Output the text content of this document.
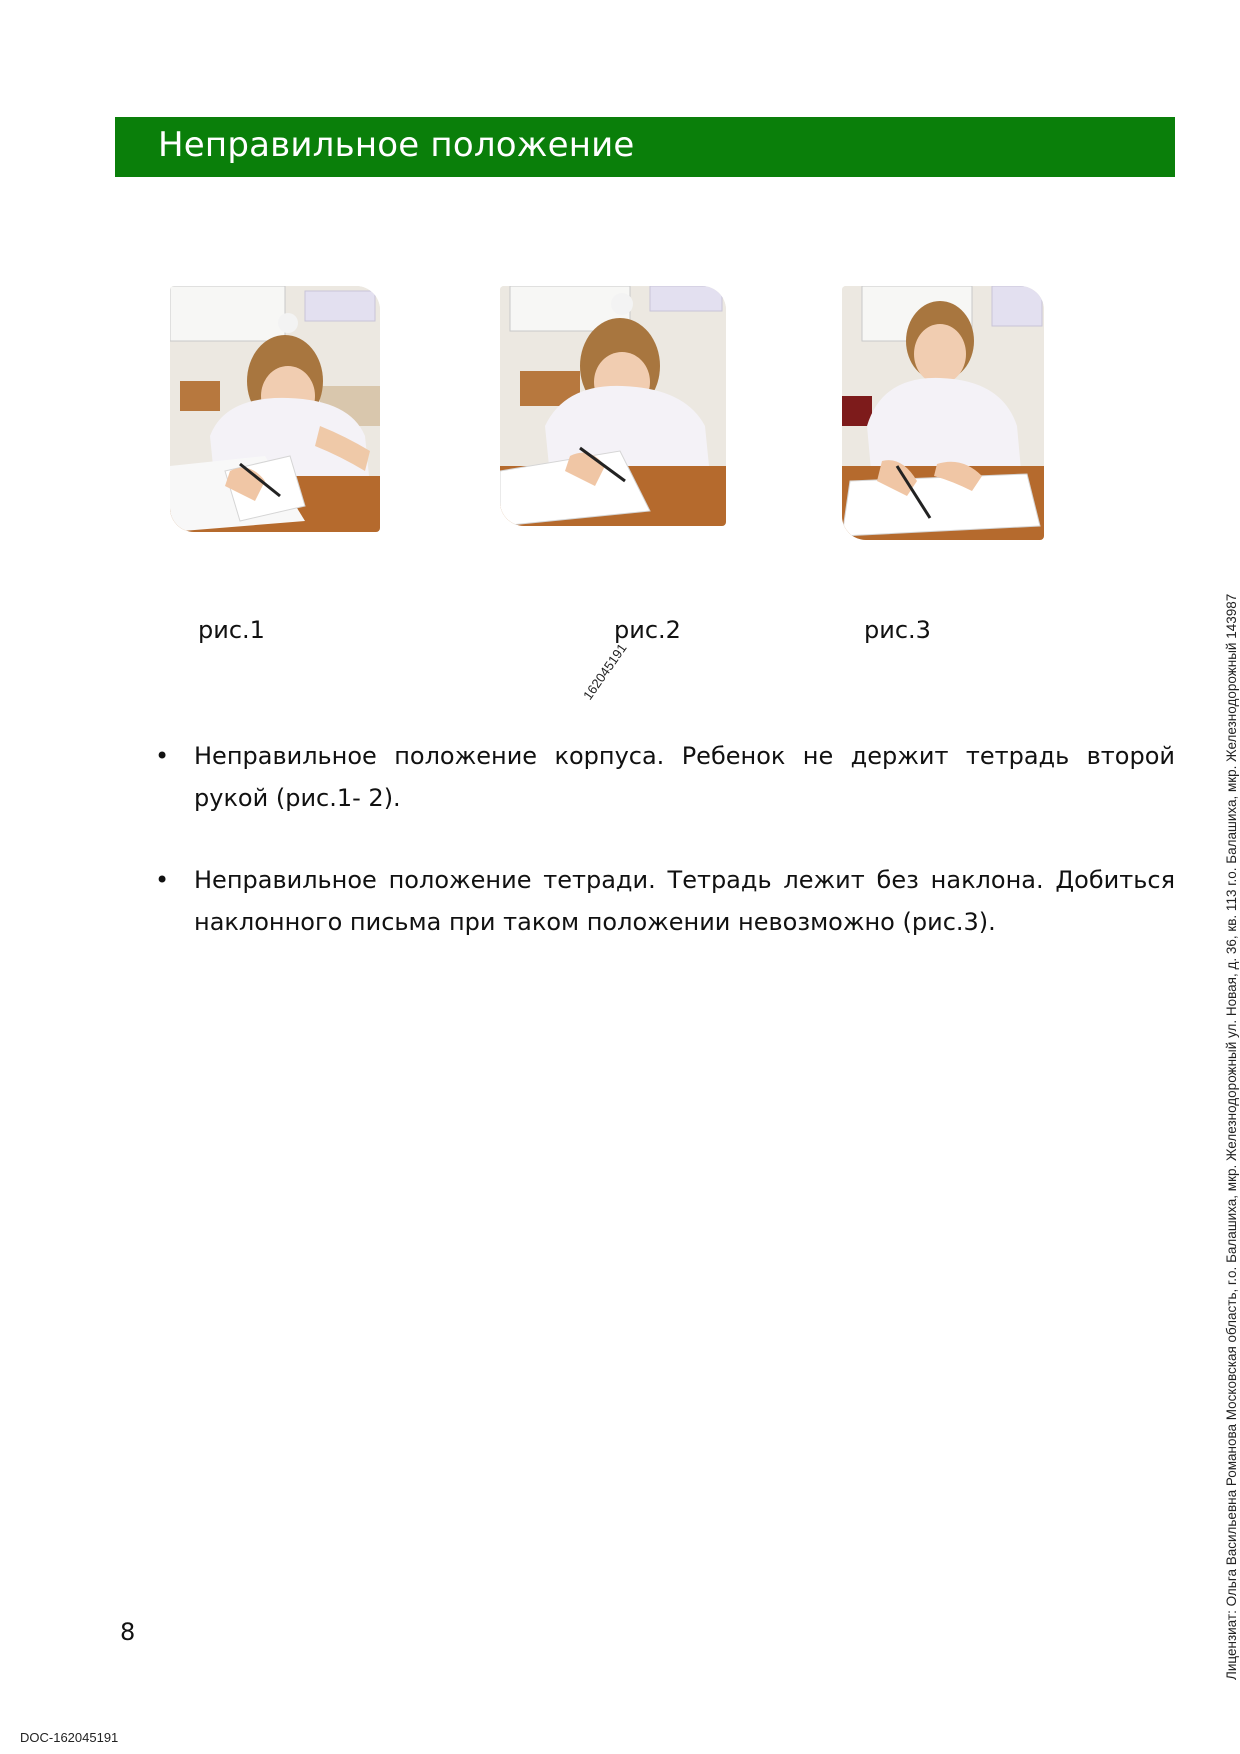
Неправильное положение
рис.1	рис.2	рис.3
162045191
• Неправильное положение корпуса. Ребенок не держит тетрадь второй рукой (рис.1- 2).
• Неправильное положение тетради. Тетрадь лежит без наклона. Добиться наклонного письма при таком положении невозможно (рис.3).
8
DOC-162045191
Лицензиат: Ольга Васильевна Романова Московская область, г.о. Балашиха, мкр. Железнодорожный ул. Новая, д. 36, кв. 113 г.о. Балашиха, мкр. Железнодорожный 143987
